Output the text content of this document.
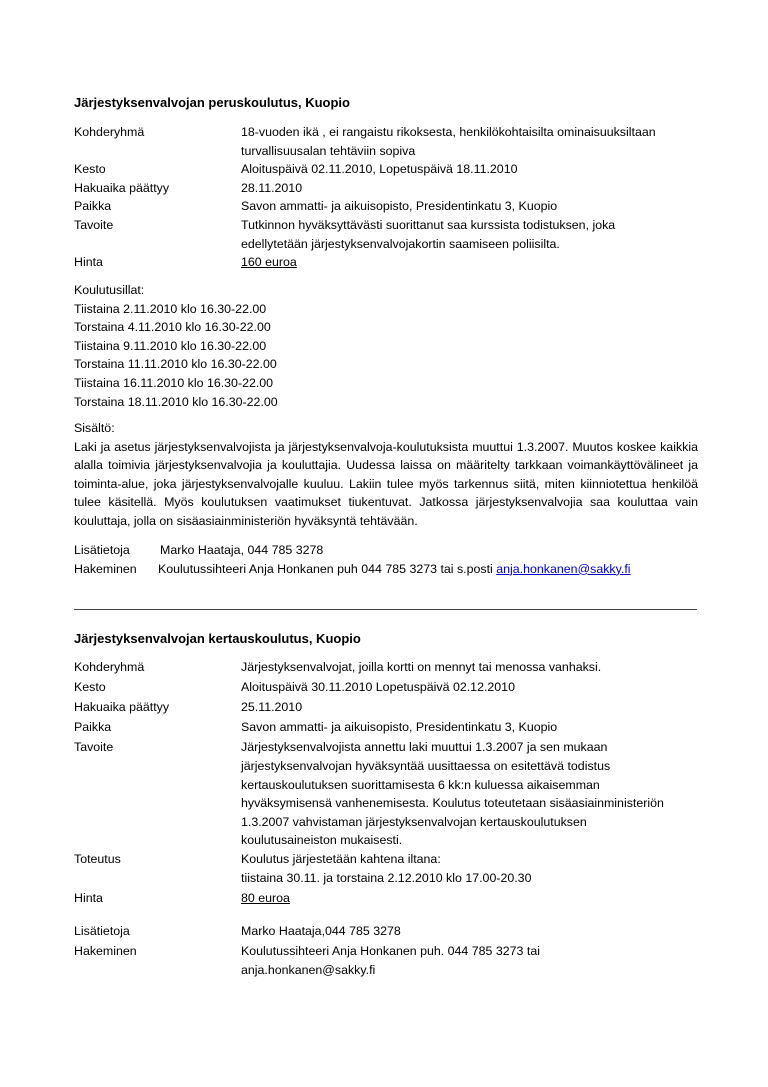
Järjestyksenvalvojan peruskoulutus, Kuopio
Kohderyhmä	18-vuoden ikä , ei rangaistu rikoksesta, henkilökohtaisilta ominaisuuksiltaan
turvallisuusalan tehtäviin sopiva
Kesto	Aloituspäivä 02.11.2010, Lopetuspäivä 18.11.2010
Hakuaika päättyy	28.11.2010
Paikka	Savon ammatti- ja aikuisopisto, Presidentinkatu 3, Kuopio
Tavoite	Tutkinnon hyväksyttävästi suorittanut saa kurssista todistuksen, joka
edellytetään järjestyksenvalvojakortin saamiseen poliisilta.
Hinta	160 euroa
Koulutusillat:
Tiistaina 2.11.2010 klo 16.30-22.00
Torstaina 4.11.2010 klo 16.30-22.00
Tiistaina 9.11.2010 klo 16.30-22.00
Torstaina 11.11.2010 klo 16.30-22.00
Tiistaina 16.11.2010 klo 16.30-22.00
Torstaina 18.11.2010 klo 16.30-22.00
Sisältö:
Laki ja asetus järjestyksenvalvojista ja järjestyksenvalvoja-koulutuksista muuttui 1.3.2007. Muutos koskee kaikkia alalla toimivia järjestyksenvalvojia ja kouluttajia. Uudessa laissa on määritelty tarkkaan voimankäyttövälineet ja toiminta-alue, joka järjestyksenvalvojalle kuuluu. Lakiin tulee myös tarkennus siitä, miten kiinniotettua henkilöä tulee käsitellä. Myös koulutuksen vaatimukset tiukentuvat. Jatkossa järjestyksenvalvojia saa kouluttaa vain kouluttaja, jolla on sisäasiainministeriön hyväksyntä tehtävään.
Lisätietoja Marko Haataja, 044 785 3278
Hakeminen Koulutussihteeri Anja Honkanen puh 044 785 3273 tai s.posti anja.honkanen@sakky.fi
Järjestyksenvalvojan kertauskoulutus, Kuopio
Kohderyhmä	Järjestyksenvalvojat, joilla kortti on mennyt tai menossa vanhaksi.
Kesto	Aloituspäivä 30.11.2010 Lopetuspäivä 02.12.2010
Hakuaika päättyy	25.11.2010
Paikka	Savon ammatti- ja aikuisopisto, Presidentinkatu 3, Kuopio
Tavoite	Järjestyksenvalvojista annettu laki muuttui 1.3.2007 ja sen mukaan
järjestyksenvalvojan hyväksyntää uusittaessa on esitettävä todistus
kertauskoulutuksen suorittamisesta 6 kk:n kuluessa aikaisemman
hyväksymisensä vanhenemisesta. Koulutus toteutetaan sisäasiainministeriön
1.3.2007 vahvistaman järjestyksenvalvojan kertauskoulutuksen
koulutusaineiston mukaisesti.
Toteutus	Koulutus järjestetään kahtena iltana:
tiistaina 30.11. ja torstaina 2.12.2010 klo 17.00-20.30
Hinta	80 euroa
Lisätietoja	Marko Haataja,044 785 3278
Hakeminen	Koulutussihteeri Anja Honkanen puh. 044 785 3273 tai
anja.honkanen@sakky.fi
